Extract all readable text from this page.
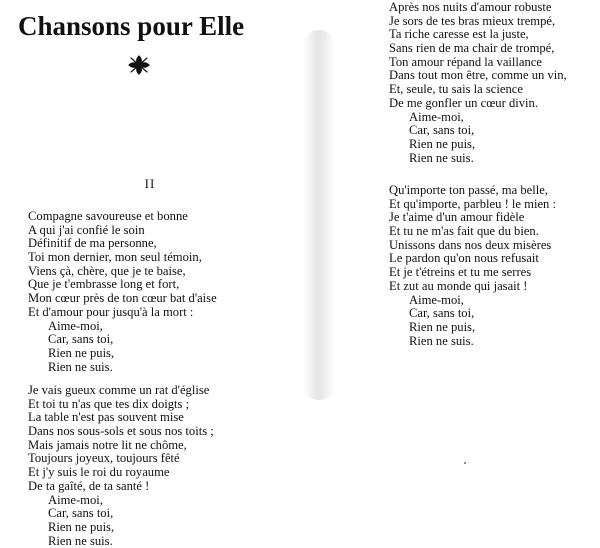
Chansons pour Elle
II
Compagne savoureuse et bonne
A qui j'ai confié le soin
Définitif de ma personne,
Toi mon dernier, mon seul témoin,
Viens çà, chère, que je te baise,
Que je t'embrasse long et fort,
Mon cœur près de ton cœur bat d'aise
Et d'amour pour jusqu'à la mort :
Aime-moi,
Car, sans toi,
Rien ne puis,
Rien ne suis.
Je vais gueux comme un rat d'église
Et toi tu n'as que tes dix doigts ;
La table n'est pas souvent mise
Dans nos sous-sols et sous nos toits ;
Mais jamais notre lit ne chôme,
Toujours joyeux, toujours fêté
Et j'y suis le roi du royaume
De ta gaîté, de ta santé !
Aime-moi,
Car, sans toi,
Rien ne puis,
Rien ne suis.
Après nos nuits d'amour robuste
Je sors de tes bras mieux trempé,
Ta riche caresse est la juste,
Sans rien de ma chair de trompé,
Ton amour répand la vaillance
Dans tout mon être, comme un vin,
Et, seule, tu sais la science
De me gonfler un cœur divin.
Aime-moi,
Car, sans toi,
Rien ne puis,
Rien ne suis.
Qu'importe ton passé, ma belle,
Et qu'importe, parbleu ! le mien :
Je t'aime d'un amour fidèle
Et tu ne m'as fait que du bien.
Unissons dans nos deux misères
Le pardon qu'on nous refusait
Et je t'étreins et tu me serres
Et zut au monde qui jasait !
Aime-moi,
Car, sans toi,
Rien ne puis,
Rien ne suis.
